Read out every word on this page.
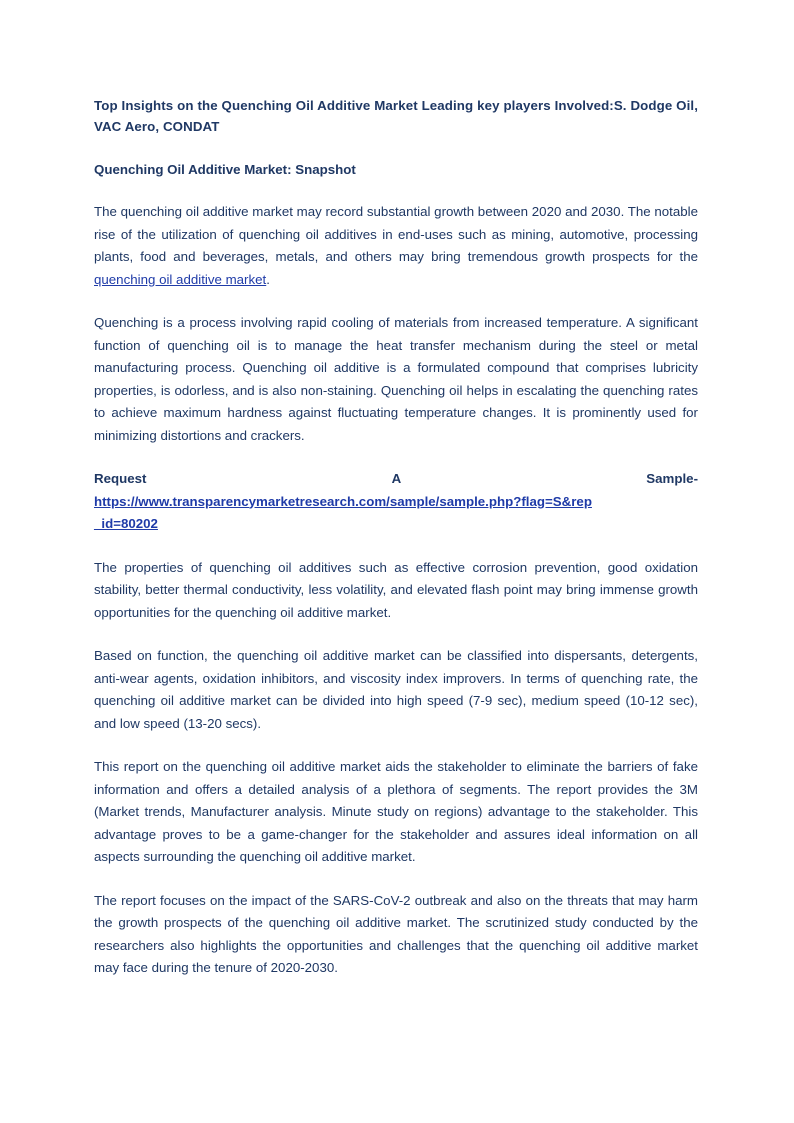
Top Insights on the Quenching Oil Additive Market Leading key players Involved:S. Dodge Oil, VAC Aero, CONDAT
Quenching Oil Additive Market: Snapshot

The quenching oil additive market may record substantial growth between 2020 and 2030. The notable rise of the utilization of quenching oil additives in end-uses such as mining, automotive, processing plants, food and beverages, metals, and others may bring tremendous growth prospects for the quenching oil additive market.

Quenching is a process involving rapid cooling of materials from increased temperature. A significant function of quenching oil is to manage the heat transfer mechanism during the steel or metal manufacturing process. Quenching oil additive is a formulated compound that comprises lubricity properties, is odorless, and is also non-staining. Quenching oil helps in escalating the quenching rates to achieve maximum hardness against fluctuating temperature changes. It is prominently used for minimizing distortions and crackers.

Request	A	Sample-
https://www.transparencymarketresearch.com/sample/sample.php?flag=S&rep
_id=80202

The properties of quenching oil additives such as effective corrosion prevention, good oxidation stability, better thermal conductivity, less volatility, and elevated flash point may bring immense growth opportunities for the quenching oil additive market.

Based on function, the quenching oil additive market can be classified into dispersants, detergents, anti-wear agents, oxidation inhibitors, and viscosity index improvers. In terms of quenching rate, the quenching oil additive market can be divided into high speed (7-9 sec), medium speed (10-12 sec), and low speed (13-20 secs).

This report on the quenching oil additive market aids the stakeholder to eliminate the barriers of fake information and offers a detailed analysis of a plethora of segments. The report provides the 3M (Market trends, Manufacturer analysis. Minute study on regions) advantage to the stakeholder. This advantage proves to be a game-changer for the stakeholder and assures ideal information on all aspects surrounding the quenching oil additive market.

The report focuses on the impact of the SARS-CoV-2 outbreak and also on the threats that may harm the growth prospects of the quenching oil additive market. The scrutinized study conducted by the researchers also highlights the opportunities and challenges that the quenching oil additive market may face during the tenure of 2020-2030.
